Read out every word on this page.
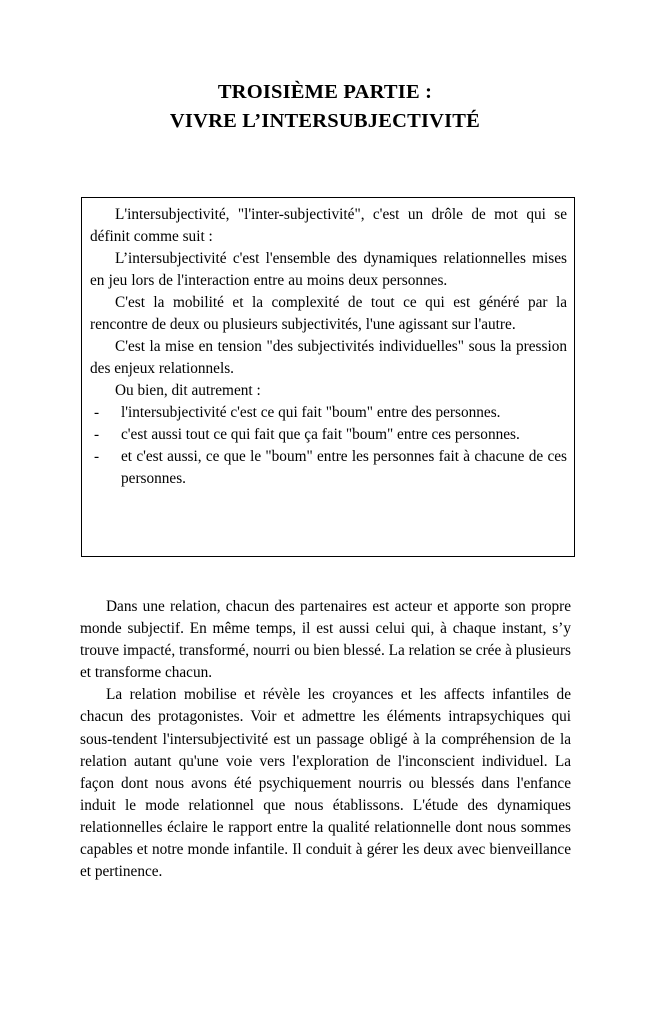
TROISIÈME PARTIE :
VIVRE L’INTERSUBJECTIVITÉ

L'intersubjectivité, "l'inter-subjectivité", c'est un drôle de mot qui se définit comme suit :

L’intersubjectivité c'est l'ensemble des dynamiques relationnelles mises en jeu lors de l'interaction entre au moins deux personnes.

C'est la mobilité et la complexité de tout ce qui est généré par la rencontre de deux ou plusieurs subjectivités, l'une agissant sur l'autre.

C'est la mise en tension "des subjectivités individuelles" sous la pression des enjeux relationnels.

Ou bien, dit autrement :

- l'intersubjectivité c'est ce qui fait "boum" entre des personnes.
- c'est aussi tout ce qui fait que ça fait "boum" entre ces personnes.
- et c'est aussi, ce que le "boum" entre les personnes fait à chacune de ces personnes.

Dans une relation, chacun des partenaires est acteur et apporte son propre monde subjectif. En même temps, il est aussi celui qui, à chaque instant, s’y trouve impacté, transformé, nourri ou bien blessé. La relation se crée à plusieurs et transforme chacun.

La relation mobilise et révèle les croyances et les affects infantiles de chacun des protagonistes. Voir et admettre les éléments intrapsychiques qui sous-tendent l'intersubjectivité est un passage obligé à la compréhension de la relation autant qu'une voie vers l'exploration de l'inconscient individuel. La façon dont nous avons été psychiquement nourris ou blessés dans l'enfance induit le mode relationnel que nous établissons. L'étude des dynamiques relationnelles éclaire le rapport entre la qualité relationnelle dont nous sommes capables et notre monde infantile. Il conduit à gérer les deux avec bienveillance et pertinence.
